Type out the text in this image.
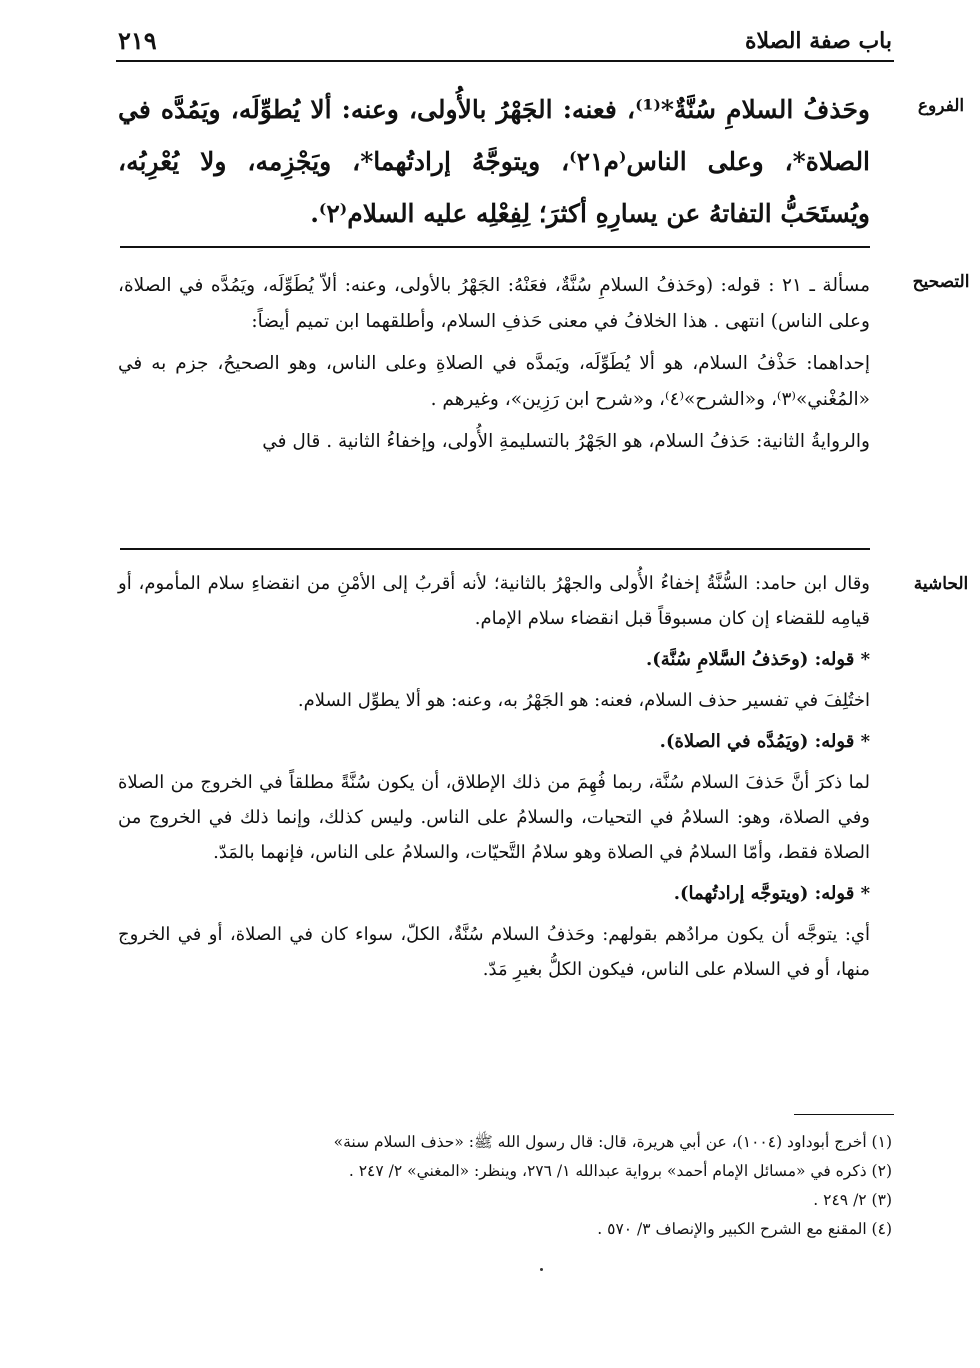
باب صفة الصلاة
٢١٩
الفروع
وحَذفُ السلامِ سُنَّةٌ*⁽¹⁾، فعنه: الجَهْرُ بالأُولى، وعنه: ألا يُطوِّلَه، ويَمُدَّه في الصلاة*، وعلى الناس⁽م٢١⁾، ويتوجَّهُ إرادتُهما*، ويَجْزِمه، ولا يُعْرِبُه، ويُستَحَبُّ التفاتهُ عن يسارِهِ أكثرَ؛ لِفِعْلِه عليه السلام⁽٢⁾.
التصحيح

مسألة ـ ٢١ : قوله: (وحَذفُ السلامِ سُنَّةٌ، فعَنْهُ: الجَهْرُ بالأولى، وعنه: ألاّ يُطَوِّلَه، ويَمُدَّه في الصلاة، وعلى الناس) انتهى . هذا الخلافُ في معنى حَذفِ السلام، وأطلقهما ابن تميم أيضاً:

إحداهما: حَذْفُ السلام، هو ألا يُطَوِّلَه، ويَمدَّه في الصلاةِ وعلى الناس، وهو الصحيحُ، جزم به في «المُغْني»⁽٣⁾، و«الشرح»⁽٤⁾، و«شرح ابن رَزِين»، وغيرهم .

والروايةُ الثانية: حَذفُ السلام، هو الجَهْرُ بالتسليمةِ الأُولى، وإخفاءُ الثانية . قال في

الحاشية

وقال ابن حامد: السُّنَّةُ إخفاءُ الأُولى والجهْرُ بالثانية؛ لأنه أقربُ إلى الأمْنِ من انقضاءِ سلام المأموم، أو قيامِه للقضاء إن كان مسبوقاً قبل انقضاء سلام الإمام.

* قوله: (وحَذفُ السَّلامِ سُنَّة).

اختُلِفَ في تفسير حذف السلام، فعنه: هو الجَهْرُ به، وعنه: هو ألا يطوِّل السلام.

* قوله: (ويَمُدَّه في الصلاة).

لما ذكرَ أنَّ حَذفَ السلام سُنَّة، ربما فُهِمَ من ذلك الإطلاق، أن يكون سُنَّةً مطلقاً في الخروج من الصلاة وفي الصلاة، وهو: السلامُ في التحيات، والسلامُ على الناس. وليس كذلك، وإنما ذلك في الخروج من الصلاة فقط، وأمّا السلامُ في الصلاة وهو سلامُ التَّحيّات، والسلامُ على الناس، فإنهما بالمَدّ.

* قوله: (ويتوجَّه إرادتُهما).

أي: يتوجَّه أن يكون مرادُهم بقولهم: وحَذفُ السلام سُنَّةٌ، الكلّ، سواء كان في الصلاة، أو في الخروج منها، أو في السلام على الناس، فيكون الكلُّ بغيرِ مَدّ.

(١) أخرج أبوداود (١٠٠٤)، عن أبي هريرة، قال: قال رسول الله ﷺ: «حذف السلام سنة»
(٢) ذكره في «مسائل الإمام أحمد» برواية عبدالله ١/ ٢٧٦، وينظر: «المغني» ٢/ ٢٤٧ .
(٣) ٢/ ٢٤٩ .
(٤) المقنع مع الشرح الكبير والإنصاف ٣/ ٥٧٠ .
